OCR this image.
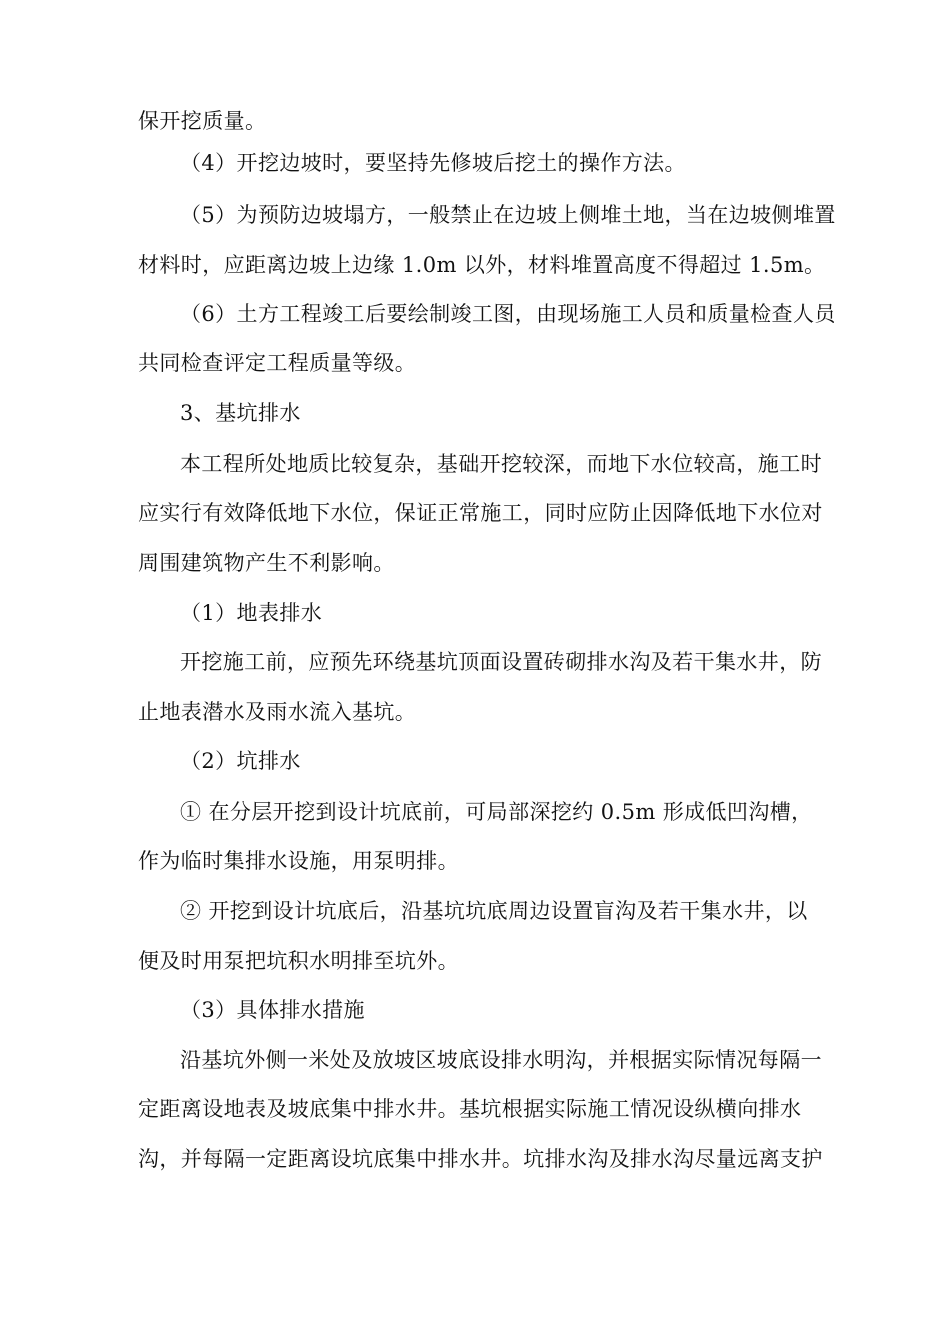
保开挖质量。
（4）开挖边坡时，要坚持先修坡后挖土的操作方法。
（5）为预防边坡塌方，一般禁止在边坡上侧堆土地，当在边坡侧堆置
材料时，应距离边坡上边缘 1.0m 以外，材料堆置高度不得超过 1.5m。
（6）土方工程竣工后要绘制竣工图，由现场施工人员和质量检查人员
共同检查评定工程质量等级。
3、基坑排水
本工程所处地质比较复杂，基础开挖较深，而地下水位较高，施工时
应实行有效降低地下水位，保证正常施工，同时应防止因降低地下水位对
周围建筑物产生不利影响。
（1）地表排水
开挖施工前，应预先环绕基坑顶面设置砖砌排水沟及若干集水井，防
止地表潜水及雨水流入基坑。
（2）坑排水
① 在分层开挖到设计坑底前，可局部深挖约 0.5m 形成低凹沟槽，
作为临时集排水设施，用泵明排。
② 开挖到设计坑底后，沿基坑坑底周边设置盲沟及若干集水井，以
便及时用泵把坑积水明排至坑外。
（3）具体排水措施
沿基坑外侧一米处及放坡区坡底设排水明沟，并根据实际情况每隔一
定距离设地表及坡底集中排水井。基坑根据实际施工情况设纵横向排水
沟，并每隔一定距离设坑底集中排水井。坑排水沟及排水沟尽量远离支护
